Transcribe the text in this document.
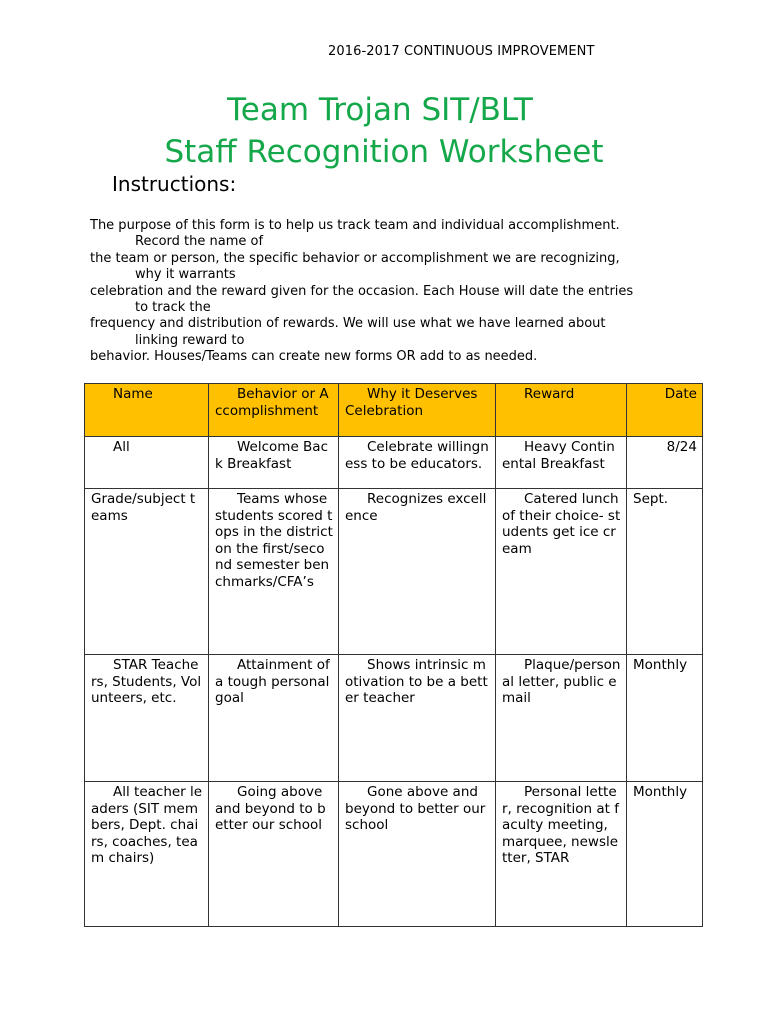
2016-2017 CONTINUOUS IMPROVEMENT
Team Trojan SIT/BLT
Staff Recognition Worksheet
Instructions:
The purpose of this form is to help us track team and individual accomplishment.
Record the name of
the team or person, the specific behavior or accomplishment we are recognizing,
why it warrants
celebration and the reward given for the occasion. Each House will date the entries
to track the
frequency and distribution of rewards. We will use what we have learned about
linking reward to
behavior. Houses/Teams can create new forms OR add to as needed.
Name	Behavior or Accomplishment	Why it Deserves Celebration	Reward	Date
All	Welcome Back Breakfast	Celebrate willingness to be educators.	Heavy Continental Breakfast	8/24
Grade/subject teams	Teams whose students scored tops in the district on the first/second semester benchmarks/CFA’s	Recognizes excellence	Catered lunch of their choice- students get ice cream	Sept.
STAR Teachers, Students, Volunteers, etc.	Attainment of a tough personal goal	Shows intrinsic motivation to be a better teacher	Plaque/personal letter, public email	Monthly
All teacher leaders (SIT members, Dept. chairs, coaches, team chairs)	Going above and beyond to better our school	Gone above and beyond to better our school	Personal letter, recognition at faculty meeting, marquee, newsletter, STAR	Monthly
